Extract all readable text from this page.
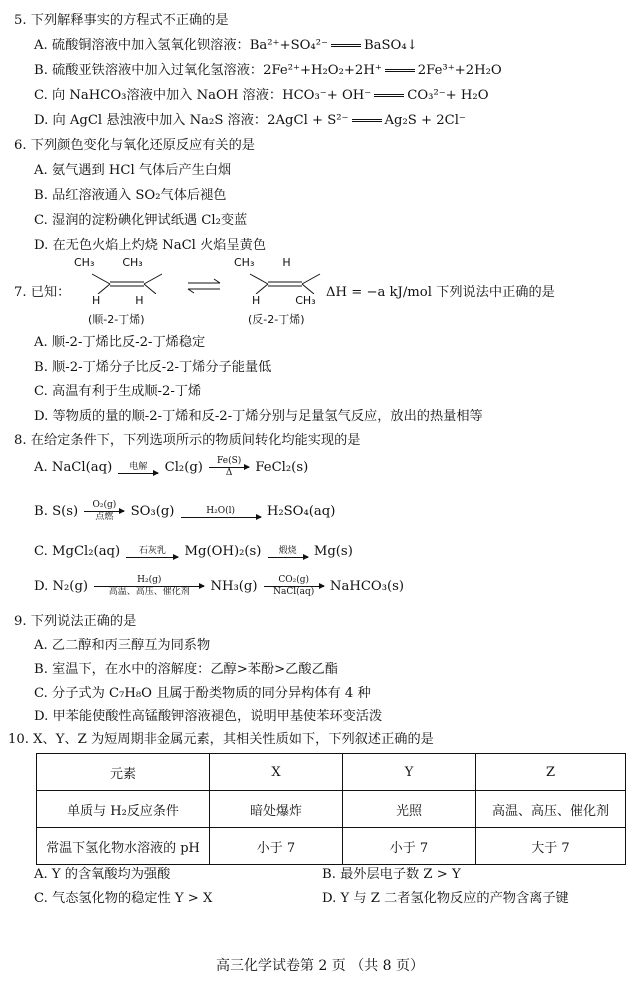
5. 下列解释事实的方程式不正确的是
A. 硫酸铜溶液中加入氢氧化钡溶液：Ba²⁺+SO₄²⁻	BaSO₄↓
B. 硫酸亚铁溶液中加入过氧化氢溶液：2Fe²⁺+H₂O₂+2H⁺	2Fe³⁺+2H₂O
C. 向 NaHCO₃溶液中加入 NaOH 溶液：HCO₃⁻+ OH⁻	CO₃²⁻+ H₂O
D. 向 AgCl 悬浊液中加入 Na₂S 溶液：2AgCl + S²⁻	Ag₂S + 2Cl⁻
6. 下列颜色变化与氧化还原反应有关的是
A. 氨气遇到 HCl 气体后产生白烟
B. 品红溶液通入 SO₂气体后褪色
C. 湿润的淀粉碘化钾试纸遇 Cl₂变蓝
D. 在无色火焰上灼烧 NaCl 火焰呈黄色
7. 已知：
CH₃        CH₃
H          H
(顺-2-丁烯)
CH₃        H
H          CH₃
(反-2-丁烯)
ΔH = −a kJ/mol 下列说法中正确的是
A. 顺-2-丁烯比反-2-丁烯稳定
B. 顺-2-丁烯分子比反-2-丁烯分子能量低
C. 高温有利于生成顺-2-丁烯
D. 等物质的量的顺-2-丁烯和反-2-丁烯分别与足量氢气反应，放出的热量相等
8. 在给定条件下，下列选项所示的物质间转化均能实现的是
A. NaCl(aq) 电解 $Cl_2(g) \frac{Fe(S)}{\Delta}$ FeCl₂(s)
B. S(s) O₂(g)
点燃 SO₃(g)	H₂O(l) H₂SO₄(aq)
C. MgCl₂(aq) 石灰乳 Mg(OH)₂(s) 煅烧 Mg(s)
D. N₂(g)	H₂(g)
高温、高压、催化剂 NH₃(g) CO₂(g)
NaCl(aq) NaHCO₃(s)
9. 下列说法正确的是
A. 乙二醇和丙三醇互为同系物
B. 室温下，在水中的溶解度：乙醇>苯酚>乙酸乙酯
C. 分子式为 C₇H₈O 且属于酚类物质的同分异构体有 4 种
D. 甲苯能使酸性高锰酸钾溶液褪色，说明甲基使苯环变活泼
10. X、Y、Z 为短周期非金属元素，其相关性质如下，下列叙述正确的是
元素	X	Y	Z
单质与 H₂反应条件	暗处爆炸	光照	高温、高压、催化剂
常温下氢化物水溶液的 pH	小于 7	小于 7	大于 7
A. Y 的含氧酸均为强酸	B. 最外层电子数 Z > Y
C. 气态氢化物的稳定性 Y > X	D. Y 与 Z 二者氢化物反应的产物含离子键
高三化学试卷第 2 页 （共 8 页）
